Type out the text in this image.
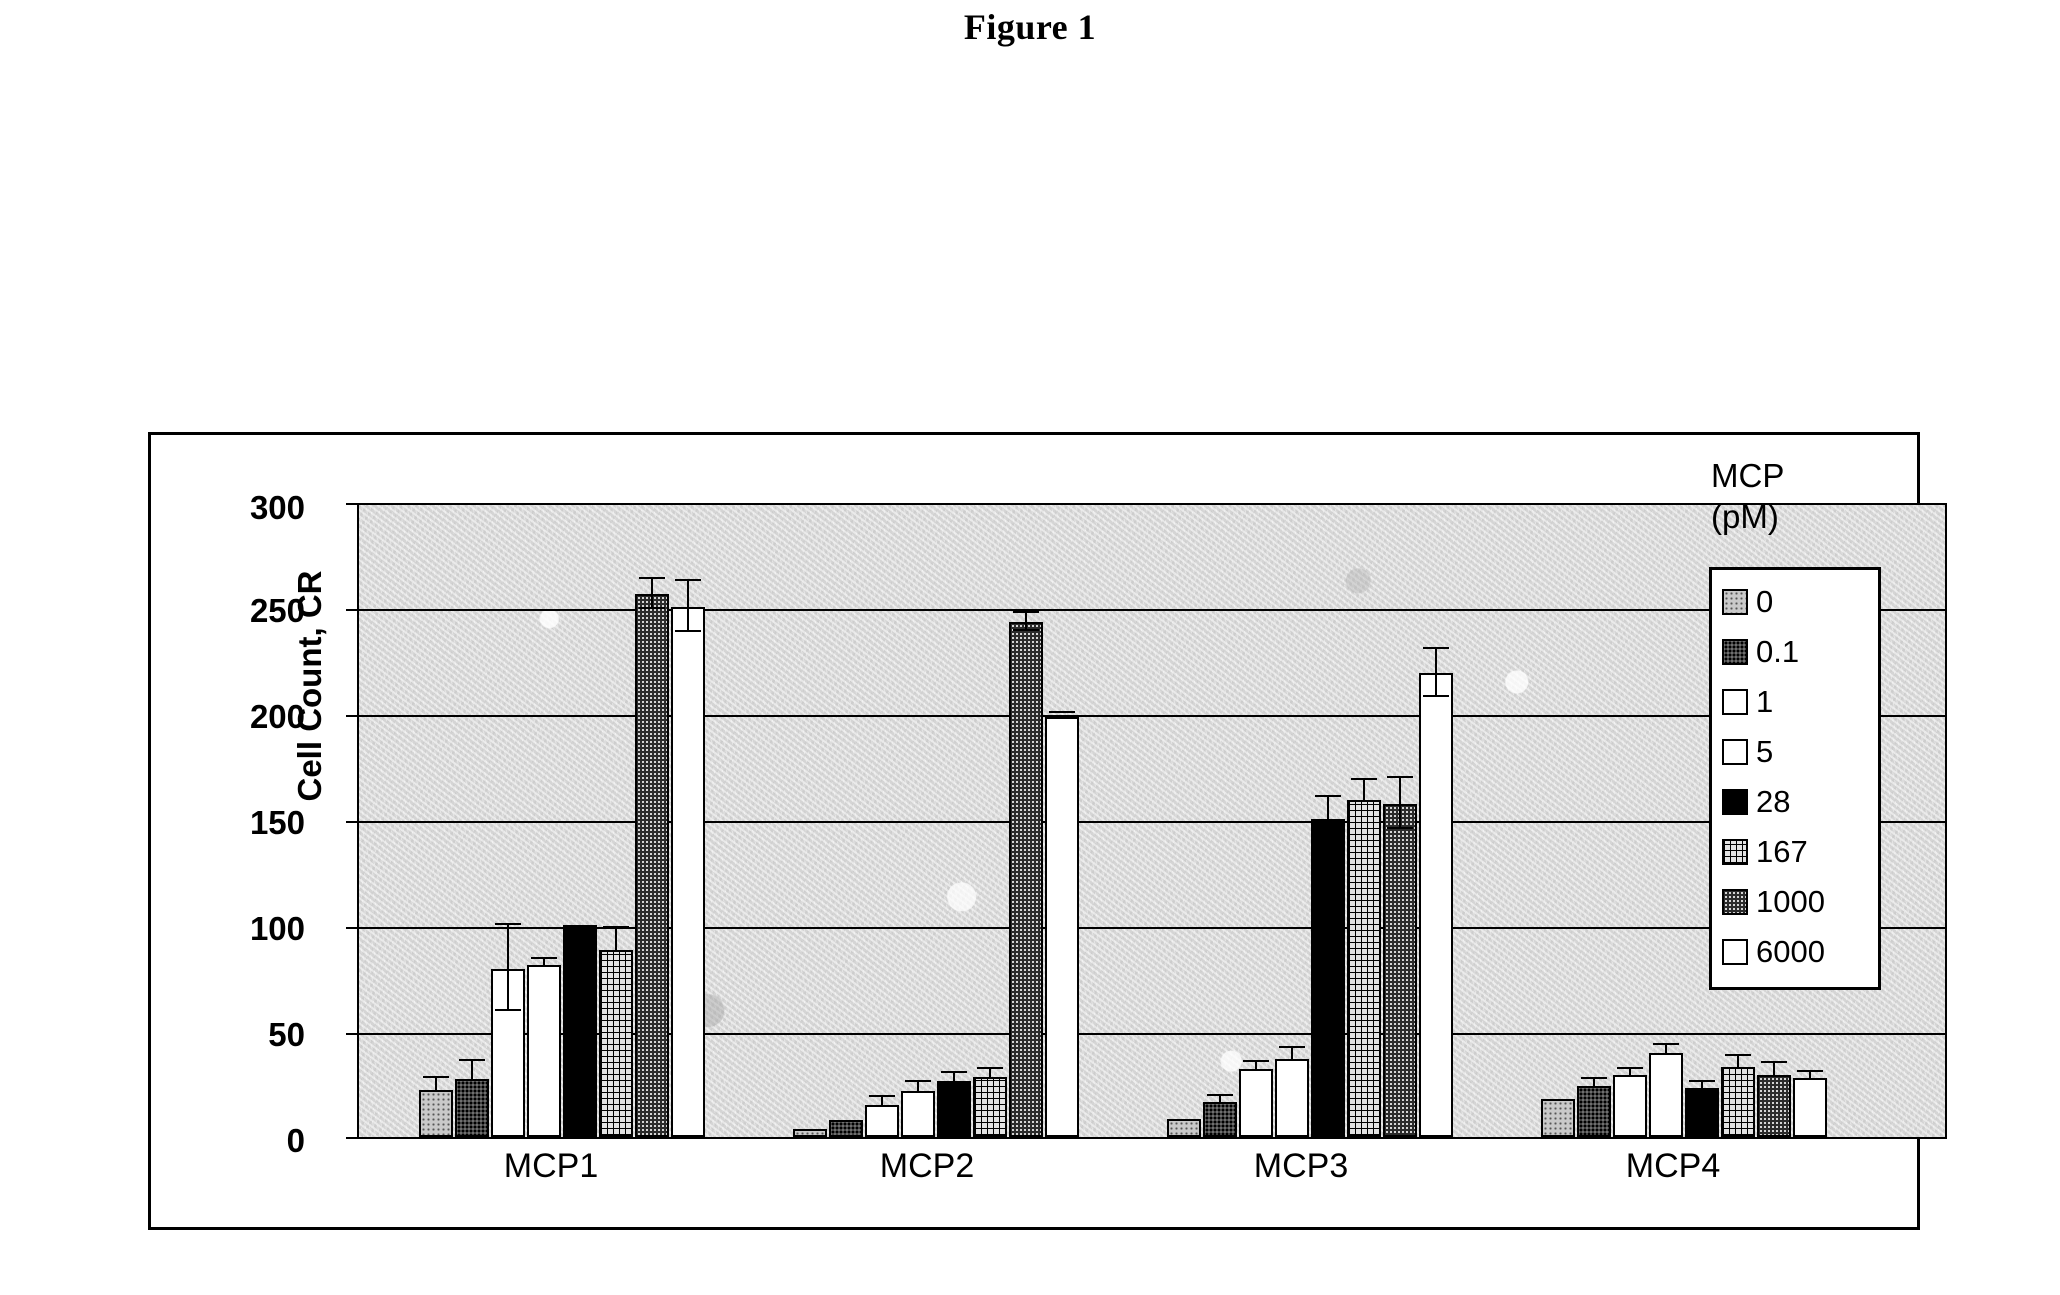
Figure 1
Cell Count, CR
300
250
200
150
100
50
0
MCP1	MCP2	MCP3	MCP4
MCP
(pM)
0
0.1
1
5
28
167
1000
6000
